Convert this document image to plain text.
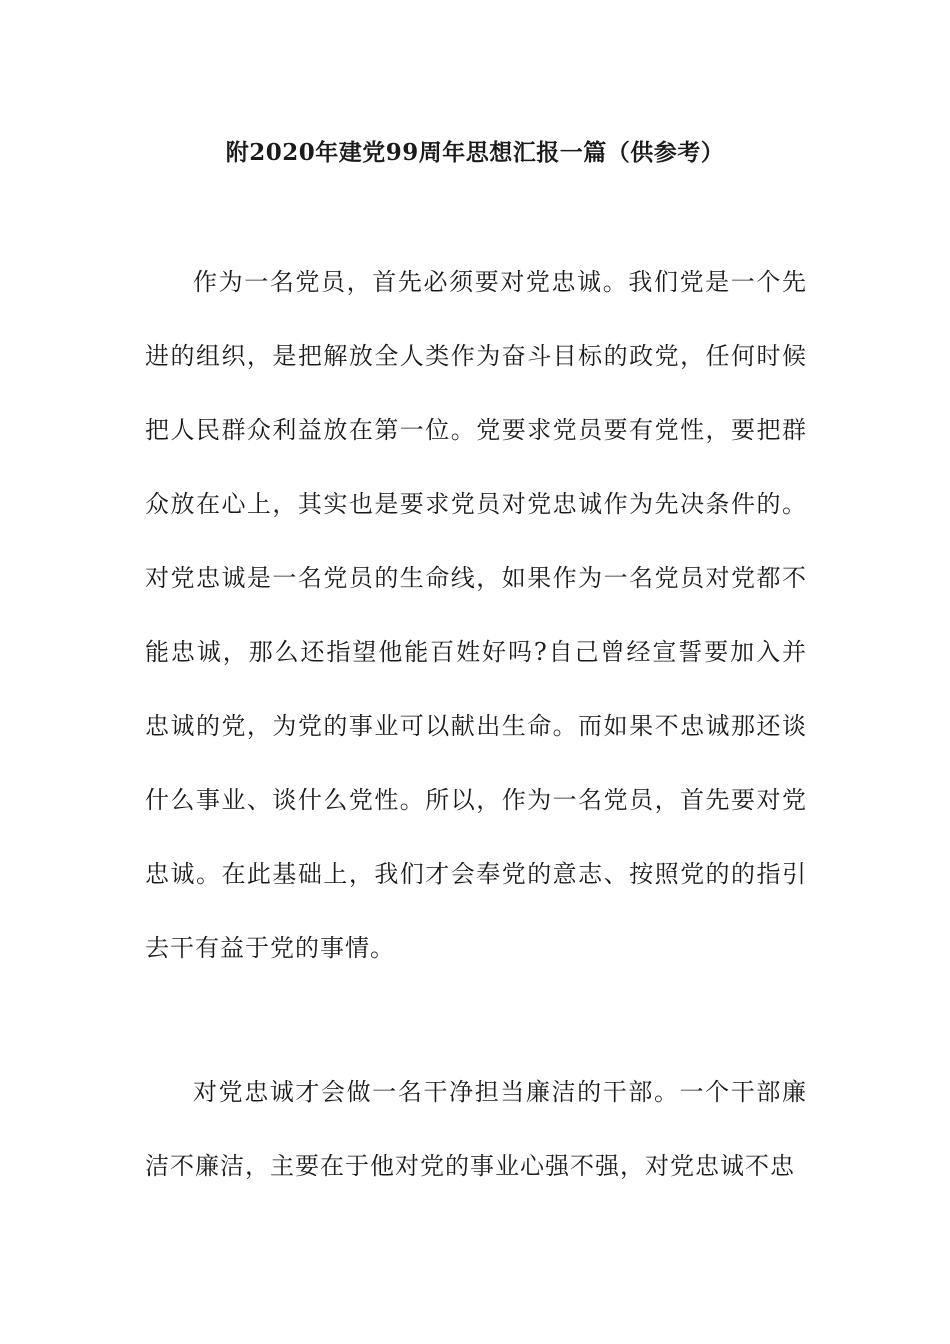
附2020年建党99周年思想汇报一篇（供参考）

作为一名党员，首先必须要对党忠诚。我们党是一个先进的组织，是把解放全人类作为奋斗目标的政党，任何时候把人民群众利益放在第一位。党要求党员要有党性，要把群众放在心上，其实也是要求党员对党忠诚作为先决条件的。对党忠诚是一名党员的生命线，如果作为一名党员对党都不能忠诚，那么还指望他能百姓好吗?自己曾经宣誓要加入并忠诚的党，为党的事业可以献出生命。而如果不忠诚那还谈什么事业、谈什么党性。所以，作为一名党员，首先要对党忠诚。在此基础上，我们才会奉党的意志、按照党的的指引去干有益于党的事情。

对党忠诚才会做一名干净担当廉洁的干部。一个干部廉洁不廉洁，主要在于他对党的事业心强不强，对党忠诚不忠
